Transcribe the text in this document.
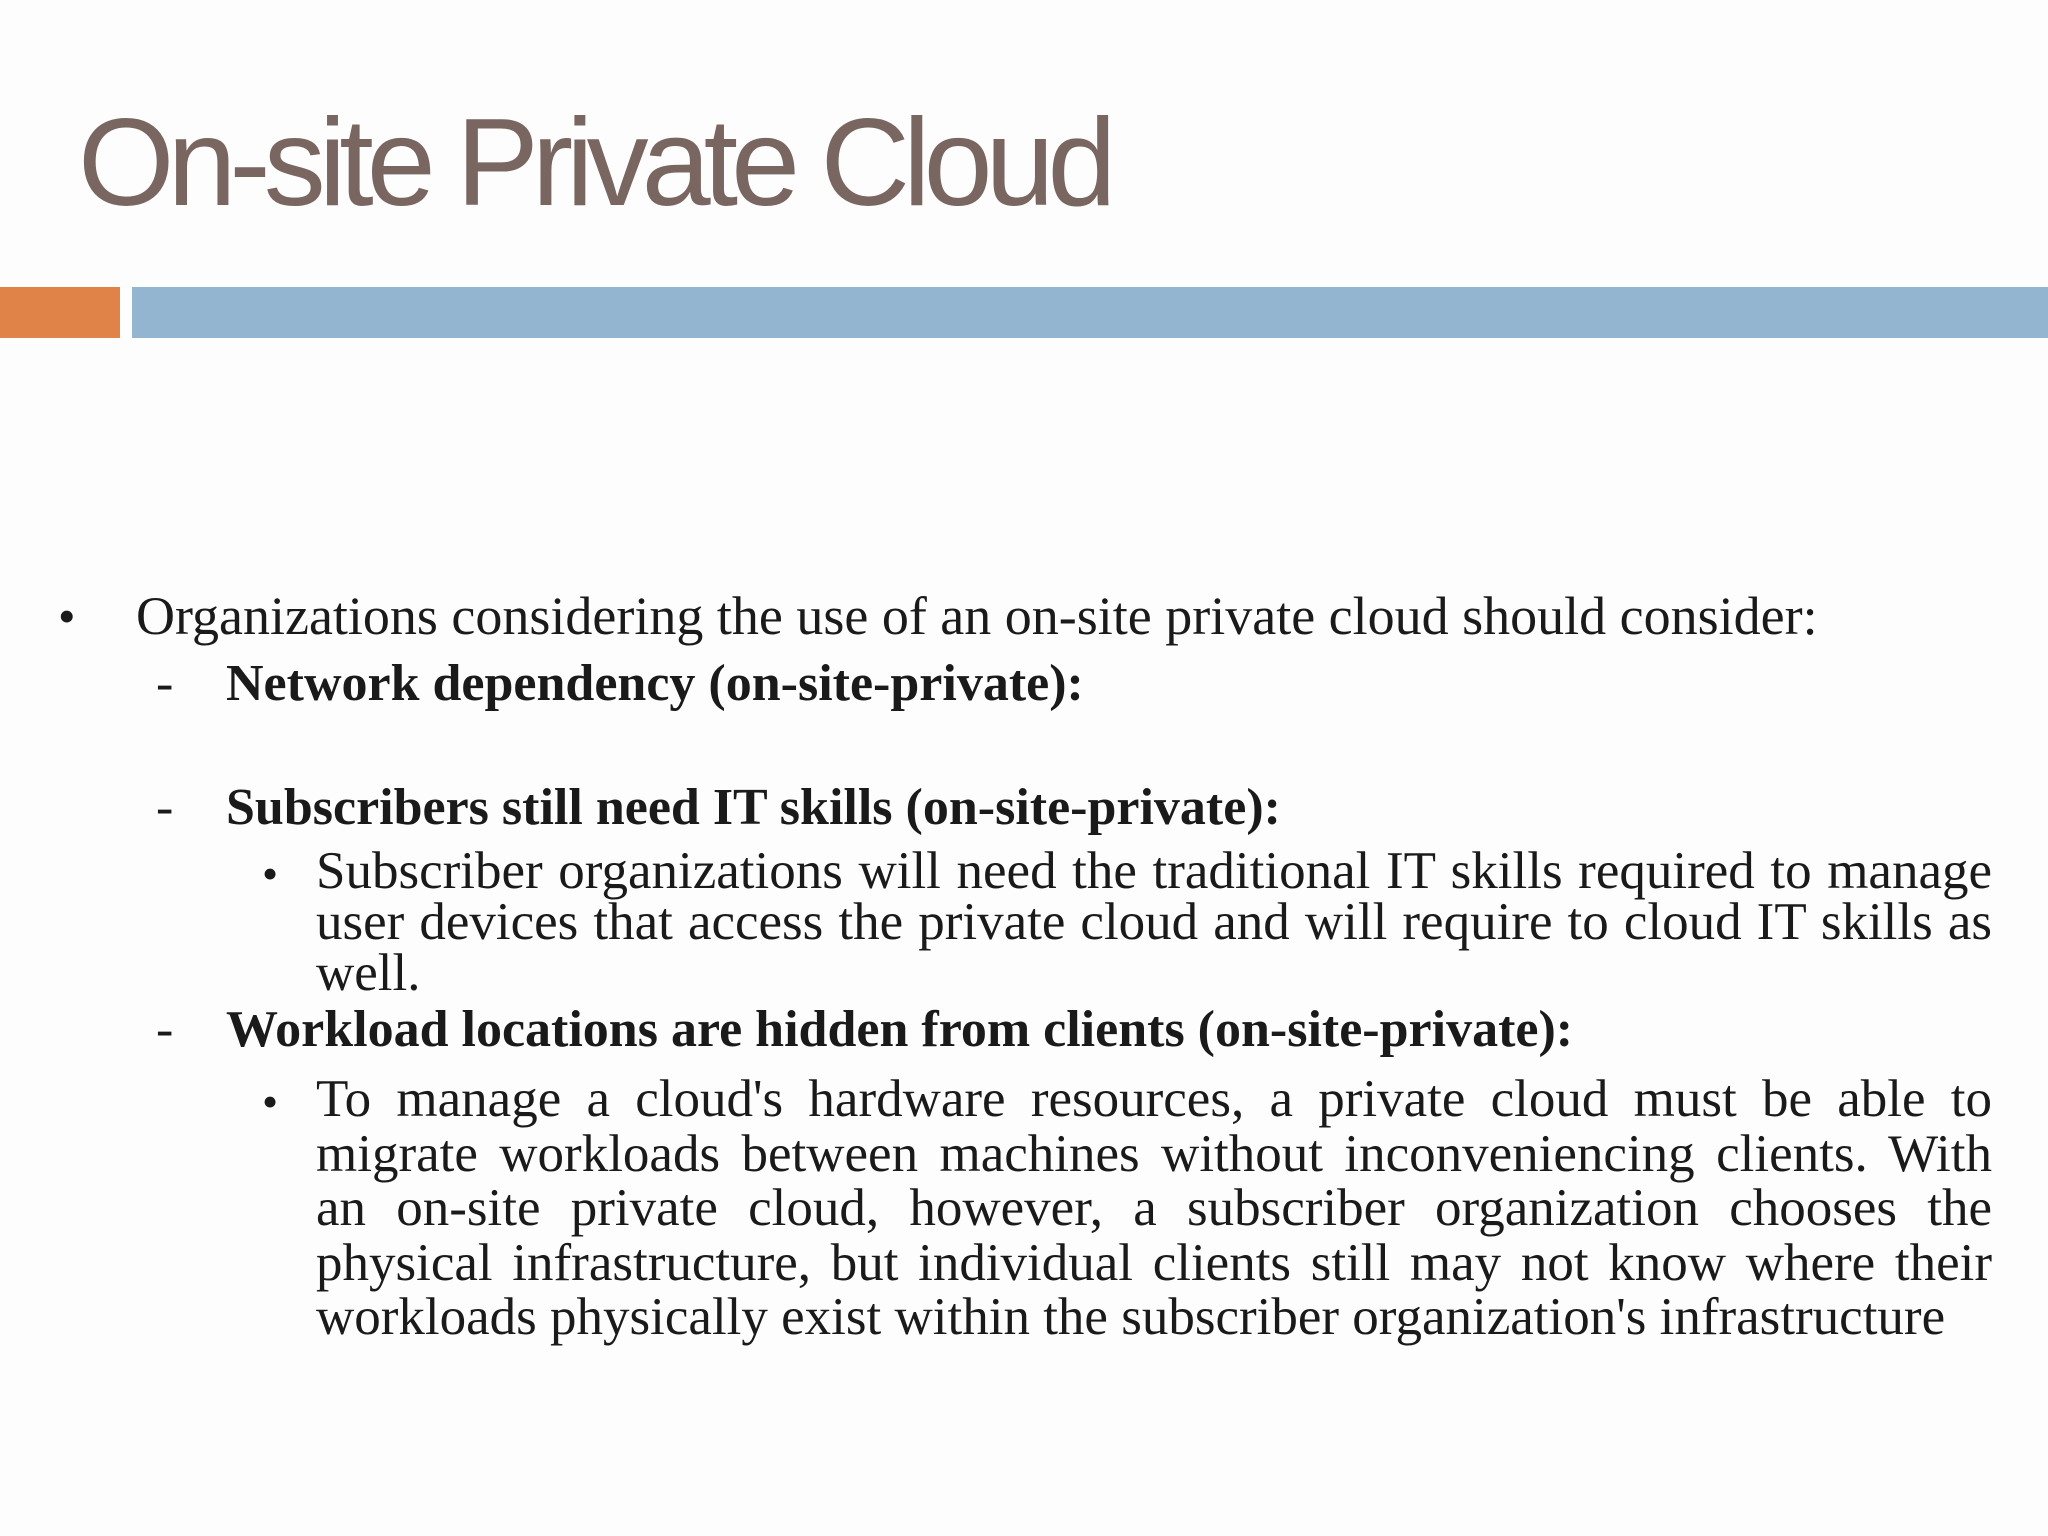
On-site Private Cloud
• Organizations considering the use of an on-site private cloud should consider:
- Network dependency (on-site-private):
- Subscribers still need IT skills (on-site-private):
• Subscriber organizations will need the traditional IT skills required to manage user devices that access the private cloud and will require to cloud IT skills as well.
- Workload locations are hidden from clients (on-site-private):
• To manage a cloud's hardware resources, a private cloud must be able to migrate workloads between machines without inconveniencing clients. With an on-site private cloud, however, a subscriber organization chooses the physical infrastructure, but individual clients still may not know where their workloads physically exist within the subscriber organization's infrastructure
